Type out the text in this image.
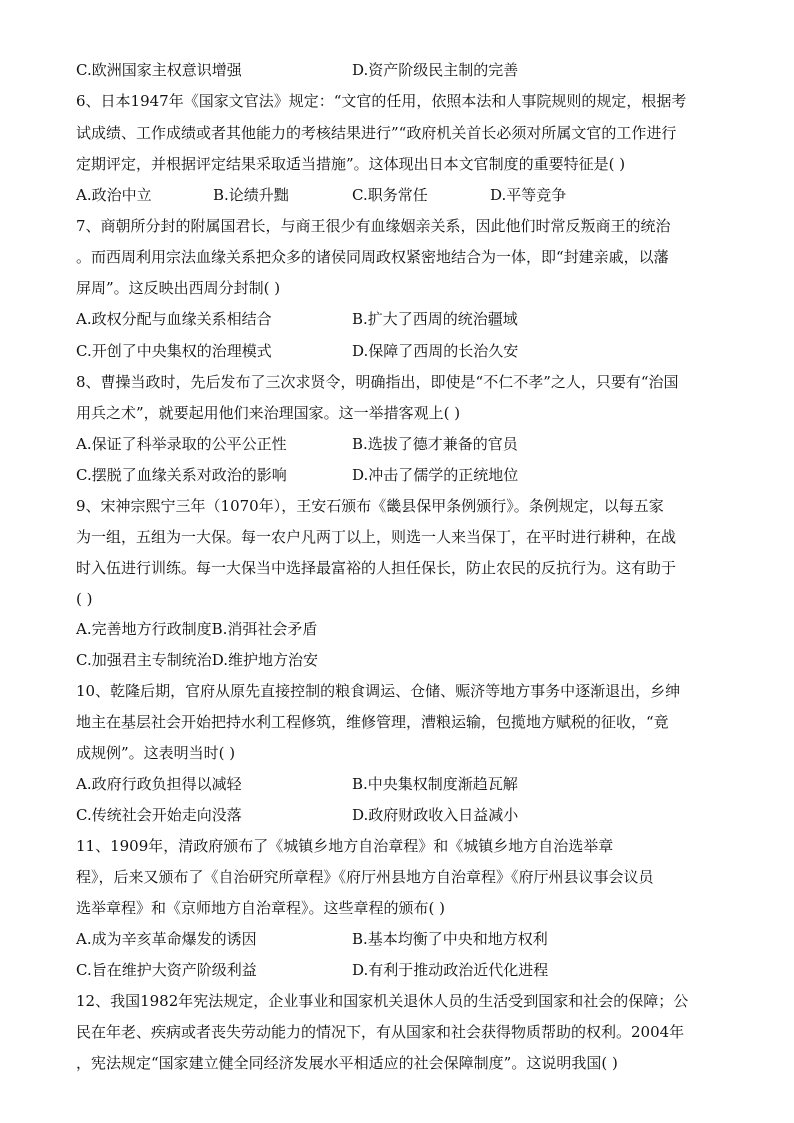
C.欧洲国家主权意识增强	D.资产阶级民主制的完善
6、日本1947年《国家文官法》规定：“文官的任用，依照本法和人事院规则的规定，根据考
试成绩、工作成绩或者其他能力的考核结果进行”“政府机关首长必须对所属文官的工作进行
定期评定，并根据评定结果采取适当措施”。这体现出日本文官制度的重要特征是( )
A.政治中立	B.论绩升黜	C.职务常任	D.平等竞争
7、商朝所分封的附属国君长，与商王很少有血缘姻亲关系，因此他们时常反叛商王的统治
。而西周利用宗法血缘关系把众多的诸侯同周政权紧密地结合为一体，即“封建亲戚，以藩
屏周”。这反映出西周分封制( )
A.政权分配与血缘关系相结合	B.扩大了西周的统治疆域
C.开创了中央集权的治理模式	D.保障了西周的长治久安
8、曹操当政时，先后发布了三次求贤令，明确指出，即使是“不仁不孝”之人，只要有“治国
用兵之术”，就要起用他们来治理国家。这一举措客观上( )
A.保证了科举录取的公平公正性	B.选拔了德才兼备的官员
C.摆脱了血缘关系对政治的影响	D.冲击了儒学的正统地位
9、宋神宗熙宁三年（1070年），王安石颁布《畿县保甲条例颁行》。条例规定，以每五家
为一组，五组为一大保。每一农户凡两丁以上，则选一人来当保丁，在平时进行耕种，在战
时入伍进行训练。每一大保当中选择最富裕的人担任保长，防止农民的反抗行为。这有助于
( )
A.完善地方行政制度B.消弭社会矛盾
C.加强君主专制统治D.维护地方治安
10、乾隆后期，官府从原先直接控制的粮食调运、仓储、赈济等地方事务中逐渐退出，乡绅
地主在基层社会开始把持水利工程修筑，维修管理，漕粮运输，包揽地方赋税的征收，“竟
成规例”。这表明当时( )
A.政府行政负担得以减轻	B.中央集权制度渐趋瓦解
C.传统社会开始走向没落	D.政府财政收入日益减小
11、1909年，清政府颁布了《城镇乡地方自治章程》和《城镇乡地方自治选举章
程》，后来又颁布了《自治研究所章程》《府厅州县地方自治章程》《府厅州县议事会议员
选举章程》和《京师地方自治章程》。这些章程的颁布( )
A.成为辛亥革命爆发的诱因	B.基本均衡了中央和地方权利
C.旨在维护大资产阶级利益	D.有利于推动政治近代化进程
12、我国1982年宪法规定，企业事业和国家机关退休人员的生活受到国家和社会的保障；公
民在年老、疾病或者丧失劳动能力的情况下，有从国家和社会获得物质帮助的权利。2004年
，宪法规定“国家建立健全同经济发展水平相适应的社会保障制度”。这说明我国( )
